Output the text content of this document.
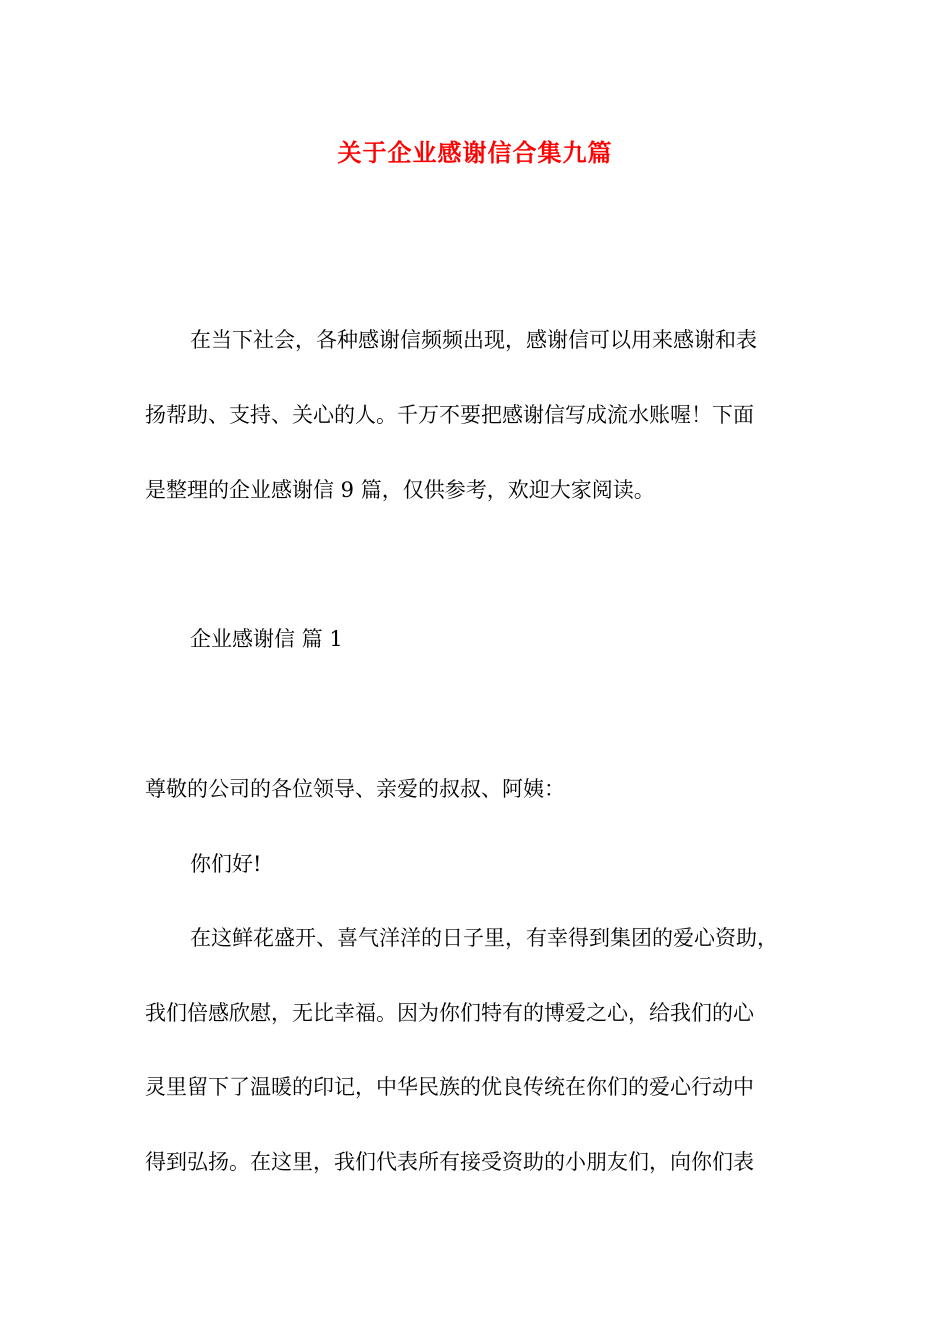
关于企业感谢信合集九篇
在当下社会，各种感谢信频频出现，感谢信可以用来感谢和表
扬帮助、支持、关心的人。千万不要把感谢信写成流水账喔！下面
是整理的企业感谢信 9 篇，仅供参考，欢迎大家阅读。
企业感谢信 篇 1
尊敬的公司的各位领导、亲爱的叔叔、阿姨：
你们好!
在这鲜花盛开、喜气洋洋的日子里，有幸得到集团的爱心资助，
我们倍感欣慰，无比幸福。因为你们特有的博爱之心，给我们的心
灵里留下了温暖的印记，中华民族的优良传统在你们的爱心行动中
得到弘扬。在这里，我们代表所有接受资助的小朋友们，向你们表
